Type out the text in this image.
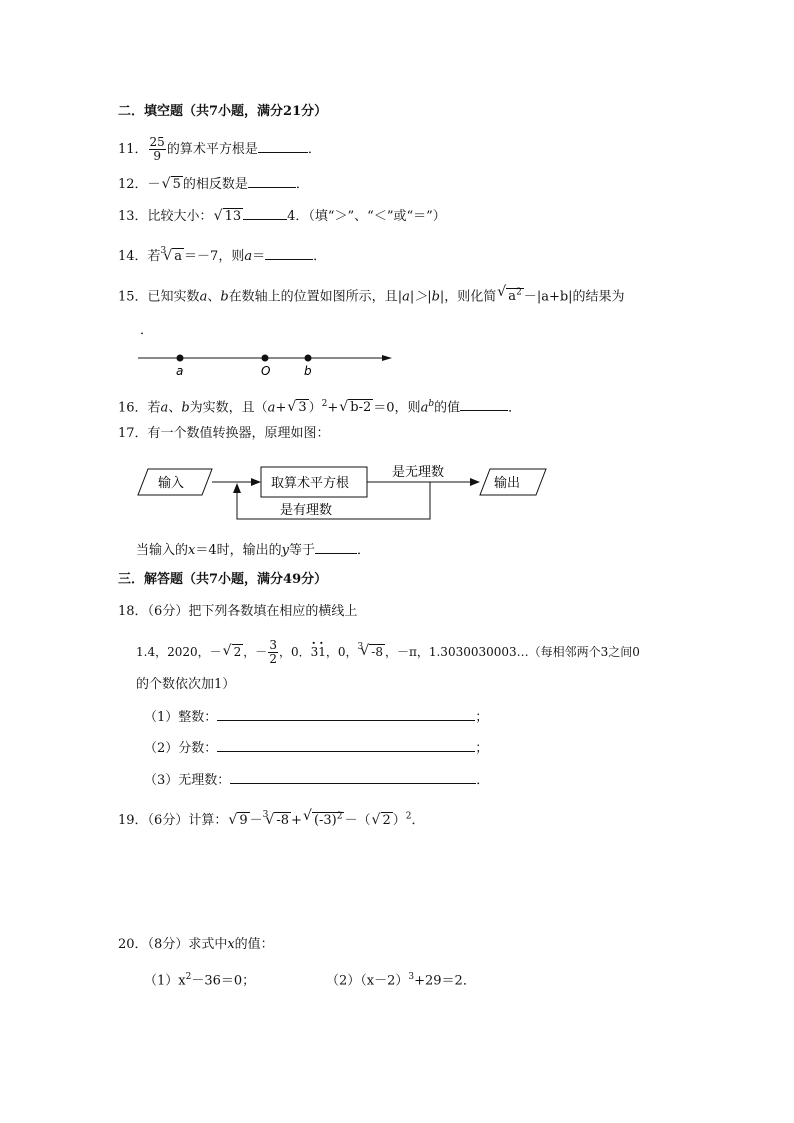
二．填空题（共7小题，满分21分）
11． $\frac{25}{9}$ 的算术平方根是	．
12．－ √ 5 的相反数是	．
13．比较大小： √ 13	4．（填“＞”、“＜”或“＝”）
14．若$^3$ √ a ＝－7，则a＝	．
15．已知实数a、b在数轴上的位置如图所示，且|a|＞|b|，则化简 √ $a^2 -|a+b|$的结果为
．
a	O	b
16．若a、b为实数，且（a+ √ 3 ）$^2$+ √ b-2 ＝0，则$a^b$的值	．
17．有一个数值转换器，原理如图：
输入	取算术平方根
是无理数
输出
是有理数
当输入的x＝4时，输出的y等于	．
三．解答题（共7小题，满分49分）
18．（6分）把下列各数填在相应的横线上
1.4，2020，－ √ 2 ，－ $\frac{3}{2}$ ，0．· 3· 1，0，$^3$ √ -8 ，－π，1.3030030003…（每相邻两个3之间0
的个数依次加1）
（1）整数：	；
（2）分数：	；
（3）无理数：	．
19．（6分）计算： √ 9 －$^3$ √ -8 + √ $(-3)^2$ －（ √ 2 ）$^2$．
20．（8分）求式中x的值：
$(1)x^2-36=0$；	$(2)(x-2)^3+29=2$．
